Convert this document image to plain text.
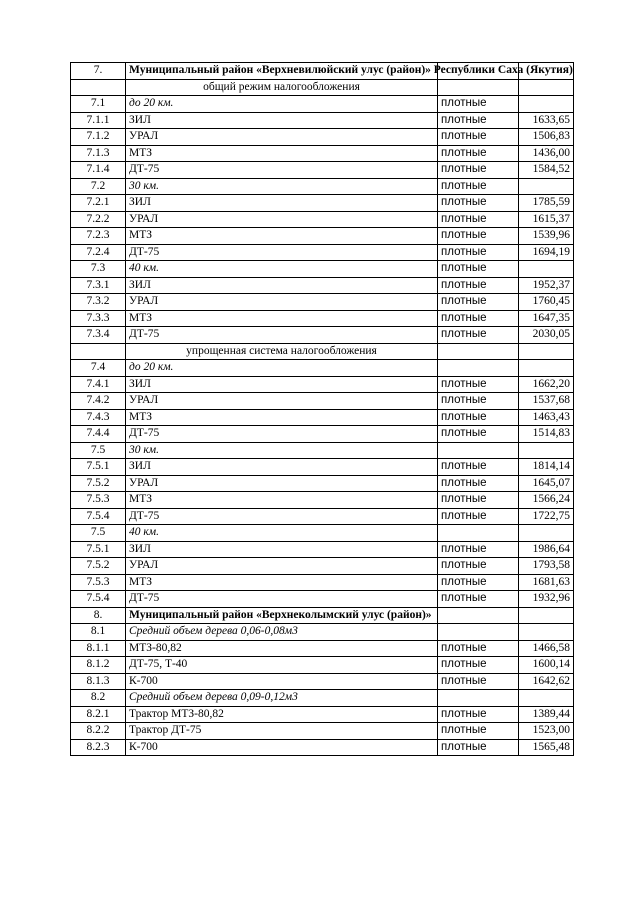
7.	Муниципальный район «Верхневилюйский улус (район)» Республики Саха (Якутия)		
	общий режим налогообложения		
7.1	до 20 км.	плотные	
7.1.1	ЗИЛ	плотные	1633,65
7.1.2	УРАЛ	плотные	1506,83
7.1.3	МТЗ	плотные	1436,00
7.1.4	ДТ-75	плотные	1584,52
7.2	30 км.	плотные	
7.2.1	ЗИЛ	плотные	1785,59
7.2.2	УРАЛ	плотные	1615,37
7.2.3	МТЗ	плотные	1539,96
7.2.4	ДТ-75	плотные	1694,19
7.3	40 км.	плотные	
7.3.1	ЗИЛ	плотные	1952,37
7.3.2	УРАЛ	плотные	1760,45
7.3.3	МТЗ	плотные	1647,35
7.3.4	ДТ-75	плотные	2030,05
	упрощенная система налогообложения		
7.4	до 20 км.		
7.4.1	ЗИЛ	плотные	1662,20
7.4.2	УРАЛ	плотные	1537,68
7.4.3	МТЗ	плотные	1463,43
7.4.4	ДТ-75	плотные	1514,83
7.5	30 км.		
7.5.1	ЗИЛ	плотные	1814,14
7.5.2	УРАЛ	плотные	1645,07
7.5.3	МТЗ	плотные	1566,24
7.5.4	ДТ-75	плотные	1722,75
7.5	40 км.		
7.5.1	ЗИЛ	плотные	1986,64
7.5.2	УРАЛ	плотные	1793,58
7.5.3	МТЗ	плотные	1681,63
7.5.4	ДТ-75	плотные	1932,96
8.	Муниципальный район «Верхнеколымский улус (район)»		
8.1	Средний объем дерева 0,06-0,08м3		
8.1.1	МТЗ-80,82	плотные	1466,58
8.1.2	ДТ-75, Т-40	плотные	1600,14
8.1.3	К-700	плотные	1642,62
8.2	Средний объем дерева 0,09-0,12м3		
8.2.1	Трактор МТЗ-80,82	плотные	1389,44
8.2.2	Трактор ДТ-75	плотные	1523,00
8.2.3	К-700	плотные	1565,48
